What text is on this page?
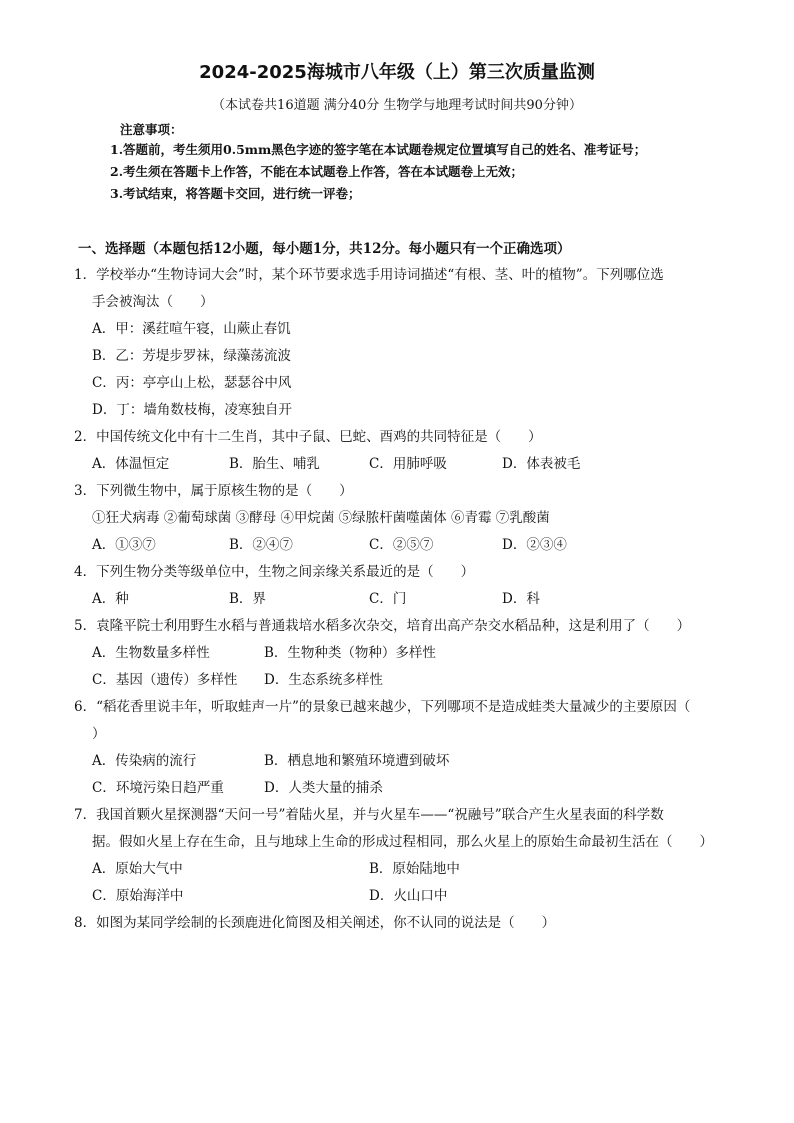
2024-2025海城市八年级（上）第三次质量监测
（本试卷共16道题 满分40分 生物学与地理考试时间共90分钟）
注意事项：
1.答题前，考生须用0.5mm黑色字迹的签字笔在本试题卷规定位置填写自己的姓名、准考证号；
2.考生须在答题卡上作答，不能在本试题卷上作答，答在本试题卷上无效；
3.考试结束，将答题卡交回，进行统一评卷；
一、选择题（本题包括12小题，每小题1分，共12分。每小题只有一个正确选项）
1．学校举办“生物诗词大会”时，某个环节要求选手用诗词描述“有根、茎、叶的植物”。下列哪位选
手会被淘汰（　　）
A．甲：溪荭喧午寝，山蕨止春饥
B．乙：芳堤步罗袜，绿藻荡流波
C．丙：亭亭山上松，瑟瑟谷中风
D．丁：墙角数枝梅，凌寒独自开
2．中国传统文化中有十二生肖，其中子鼠、巳蛇、酉鸡的共同特征是（　　）
A．体温恒定	B．胎生、哺乳	C．用肺呼吸	D．体表被毛
3．下列微生物中，属于原核生物的是（　　）
①狂犬病毒 ②葡萄球菌 ③酵母 ④甲烷菌 ⑤绿脓杆菌噬菌体 ⑥青霉 ⑦乳酸菌
A．①③⑦	B．②④⑦	C．②⑤⑦	D．②③④
4．下列生物分类等级单位中，生物之间亲缘关系最近的是（　　）
A．种	B．界	C．门	D．科
5．袁隆平院士利用野生水稻与普通栽培水稻多次杂交，培育出高产杂交水稻品种，这是利用了（　　）
A．生物数量多样性	B．生物种类（物种）多样性
C．基因（遗传）多样性 D．生态系统多样性
6．“稻花香里说丰年，听取蛙声一片”的景象已越来越少，下列哪项不是造成蛙类大量减少的主要原因（
）
A．传染病的流行	B．栖息地和繁殖环境遭到破坏
C．环境污染日趋严重	D．人类大量的捕杀
7．我国首颗火星探测器“天问一号”着陆火星，并与火星车——“祝融号”联合产生火星表面的科学数
据。假如火星上存在生命，且与地球上生命的形成过程相同，那么火星上的原始生命最初生活在（　　）
A．原始大气中	B．原始陆地中
C．原始海洋中	D．火山口中
8．如图为某同学绘制的长颈鹿进化简图及相关阐述，你不认同的说法是（　　）
